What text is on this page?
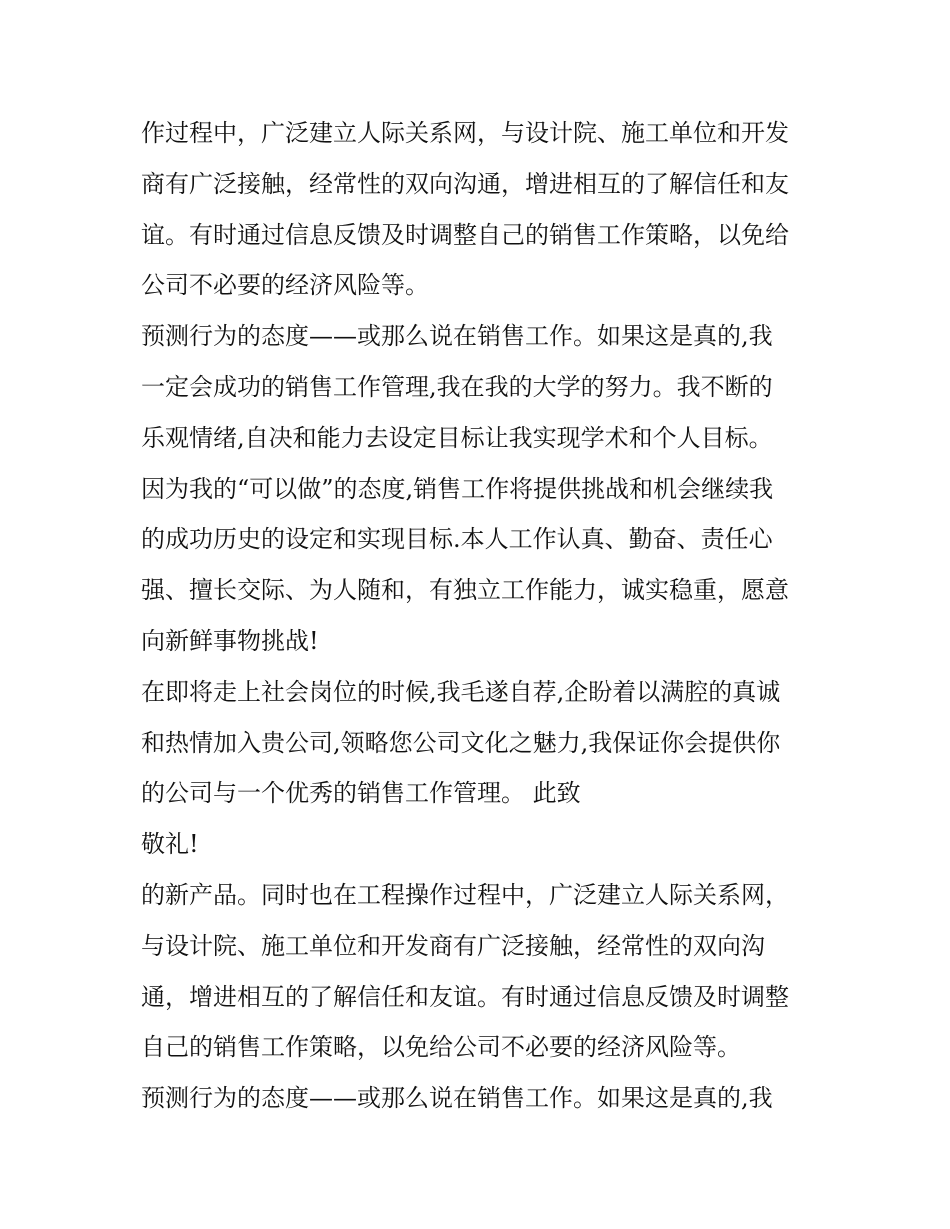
作过程中，广泛建立人际关系网，与设计院、施工单位和开发
商有广泛接触，经常性的双向沟通，增进相互的了解信任和友
谊。有时通过信息反馈及时调整自己的销售工作策略，以免给
公司不必要的经济风险等。
预测行为的态度——或那么说在销售工作。如果这是真的,我
一定会成功的销售工作管理,我在我的大学的努力。我不断的
乐观情绪,自决和能力去设定目标让我实现学术和个人目标。
因为我的“可以做”的态度,销售工作将提供挑战和机会继续我
的成功历史的设定和实现目标.本人工作认真、勤奋、责任心
强、擅长交际、为人随和，有独立工作能力，诚实稳重，愿意
向新鲜事物挑战!
在即将走上社会岗位的时候,我毛遂自荐,企盼着以满腔的真诚
和热情加入贵公司,领略您公司文化之魅力,我保证你会提供你
的公司与一个优秀的销售工作管理。 此致
敬礼!
的新产品。同时也在工程操作过程中，广泛建立人际关系网，
与设计院、施工单位和开发商有广泛接触，经常性的双向沟
通，增进相互的了解信任和友谊。有时通过信息反馈及时调整
自己的销售工作策略，以免给公司不必要的经济风险等。
预测行为的态度——或那么说在销售工作。如果这是真的,我
